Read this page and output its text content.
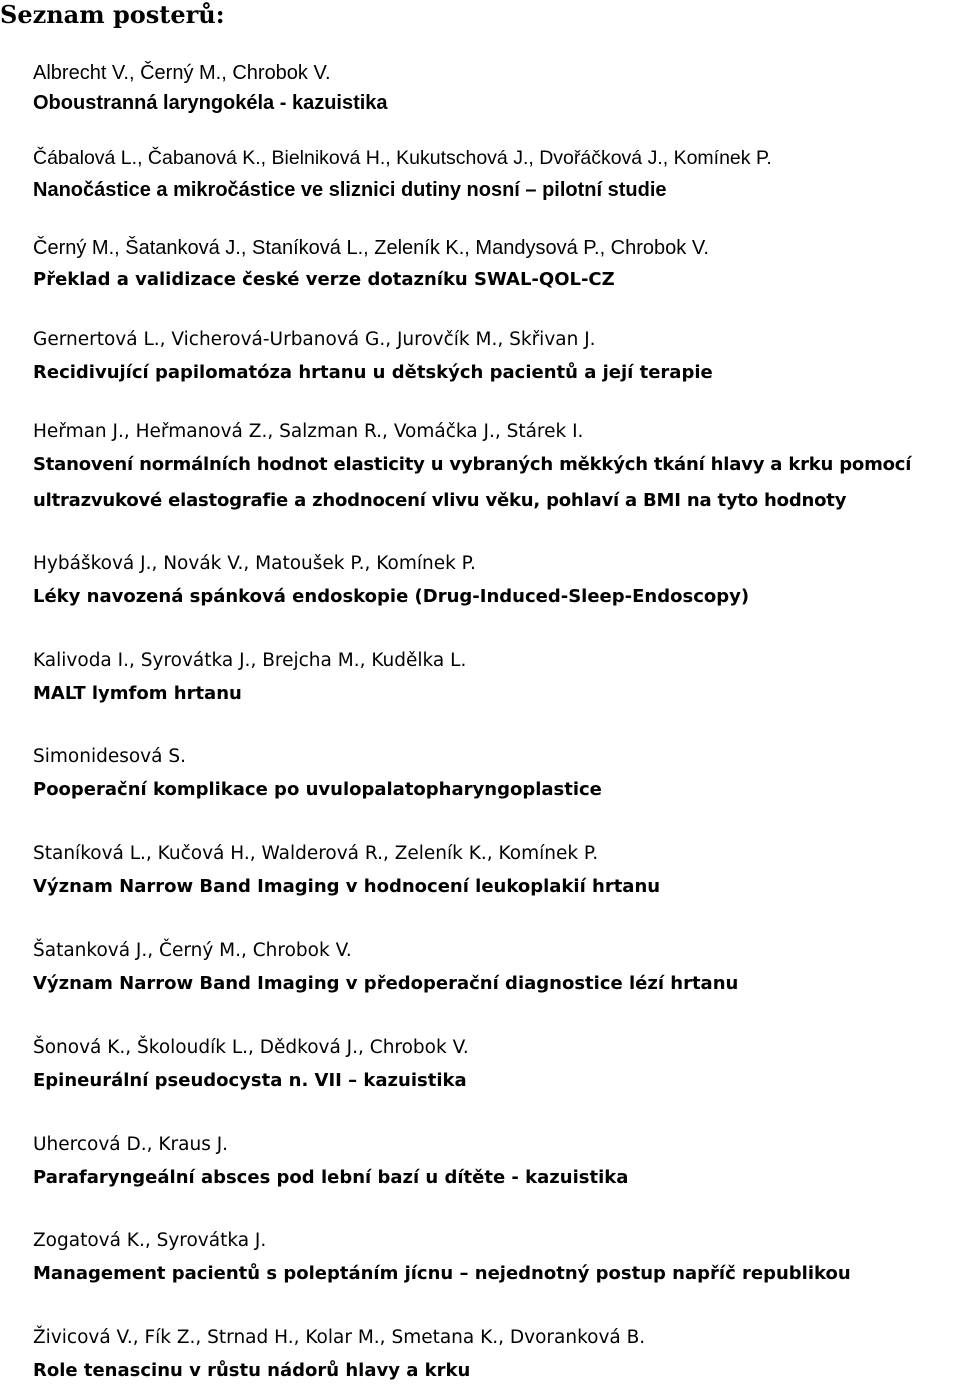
Seznam posterů:
Albrecht V., Černý M., Chrobok V.
Oboustranná laryngokéla - kazuistika
Čábalová L., Čabanová K., Bielniková H., Kukutschová J., Dvořáčková J., Komínek P.
Nanočástice a mikročástice ve sliznici dutiny nosní – pilotní studie
Černý M., Šatanková J., Staníková L., Zeleník K., Mandysová P., Chrobok V.
Překlad a validizace české verze dotazníku SWAL-QOL-CZ
Gernertová L., Vicherová-Urbanová G., Jurovčík M., Skřivan J.
Recidivující papilomatóza hrtanu u dětských pacientů a její terapie
Heřman J., Heřmanová Z., Salzman R., Vomáčka J., Stárek I.
Stanovení normálních hodnot elasticity u vybraných měkkých tkání hlavy a krku pomocí ultrazvukové elastografie a zhodnocení vlivu věku, pohlaví a BMI na tyto hodnoty
Hybášková J., Novák V., Matoušek P., Komínek P.
Léky navozená spánková endoskopie (Drug-Induced-Sleep-Endoscopy)
Kalivoda I., Syrovátka J., Brejcha M., Kudělka L.
MALT lymfom hrtanu
Simonidesová S.
Pooperační komplikace po uvulopalatopharyngoplastice
Staníková L., Kučová H., Walderová R., Zeleník K., Komínek P.
Význam Narrow Band Imaging v hodnocení leukoplakií hrtanu
Šatanková J., Černý M., Chrobok V.
Význam Narrow Band Imaging v předoperační diagnostice lézí hrtanu
Šonová K., Školoudík L., Dědková J., Chrobok V.
Epineurální pseudocysta n. VII – kazuistika
Uhercová D., Kraus J.
Parafaryngeální absces pod lební bazí u dítěte - kazuistika
Zogatová K., Syrovátka J.
Management pacientů s poleptáním jícnu – nejednotný postup napříč republikou
Živicová V., Fík Z., Strnad H., Kolar M., Smetana K., Dvoranková B.
Role tenascinu v růstu nádorů hlavy a krku
